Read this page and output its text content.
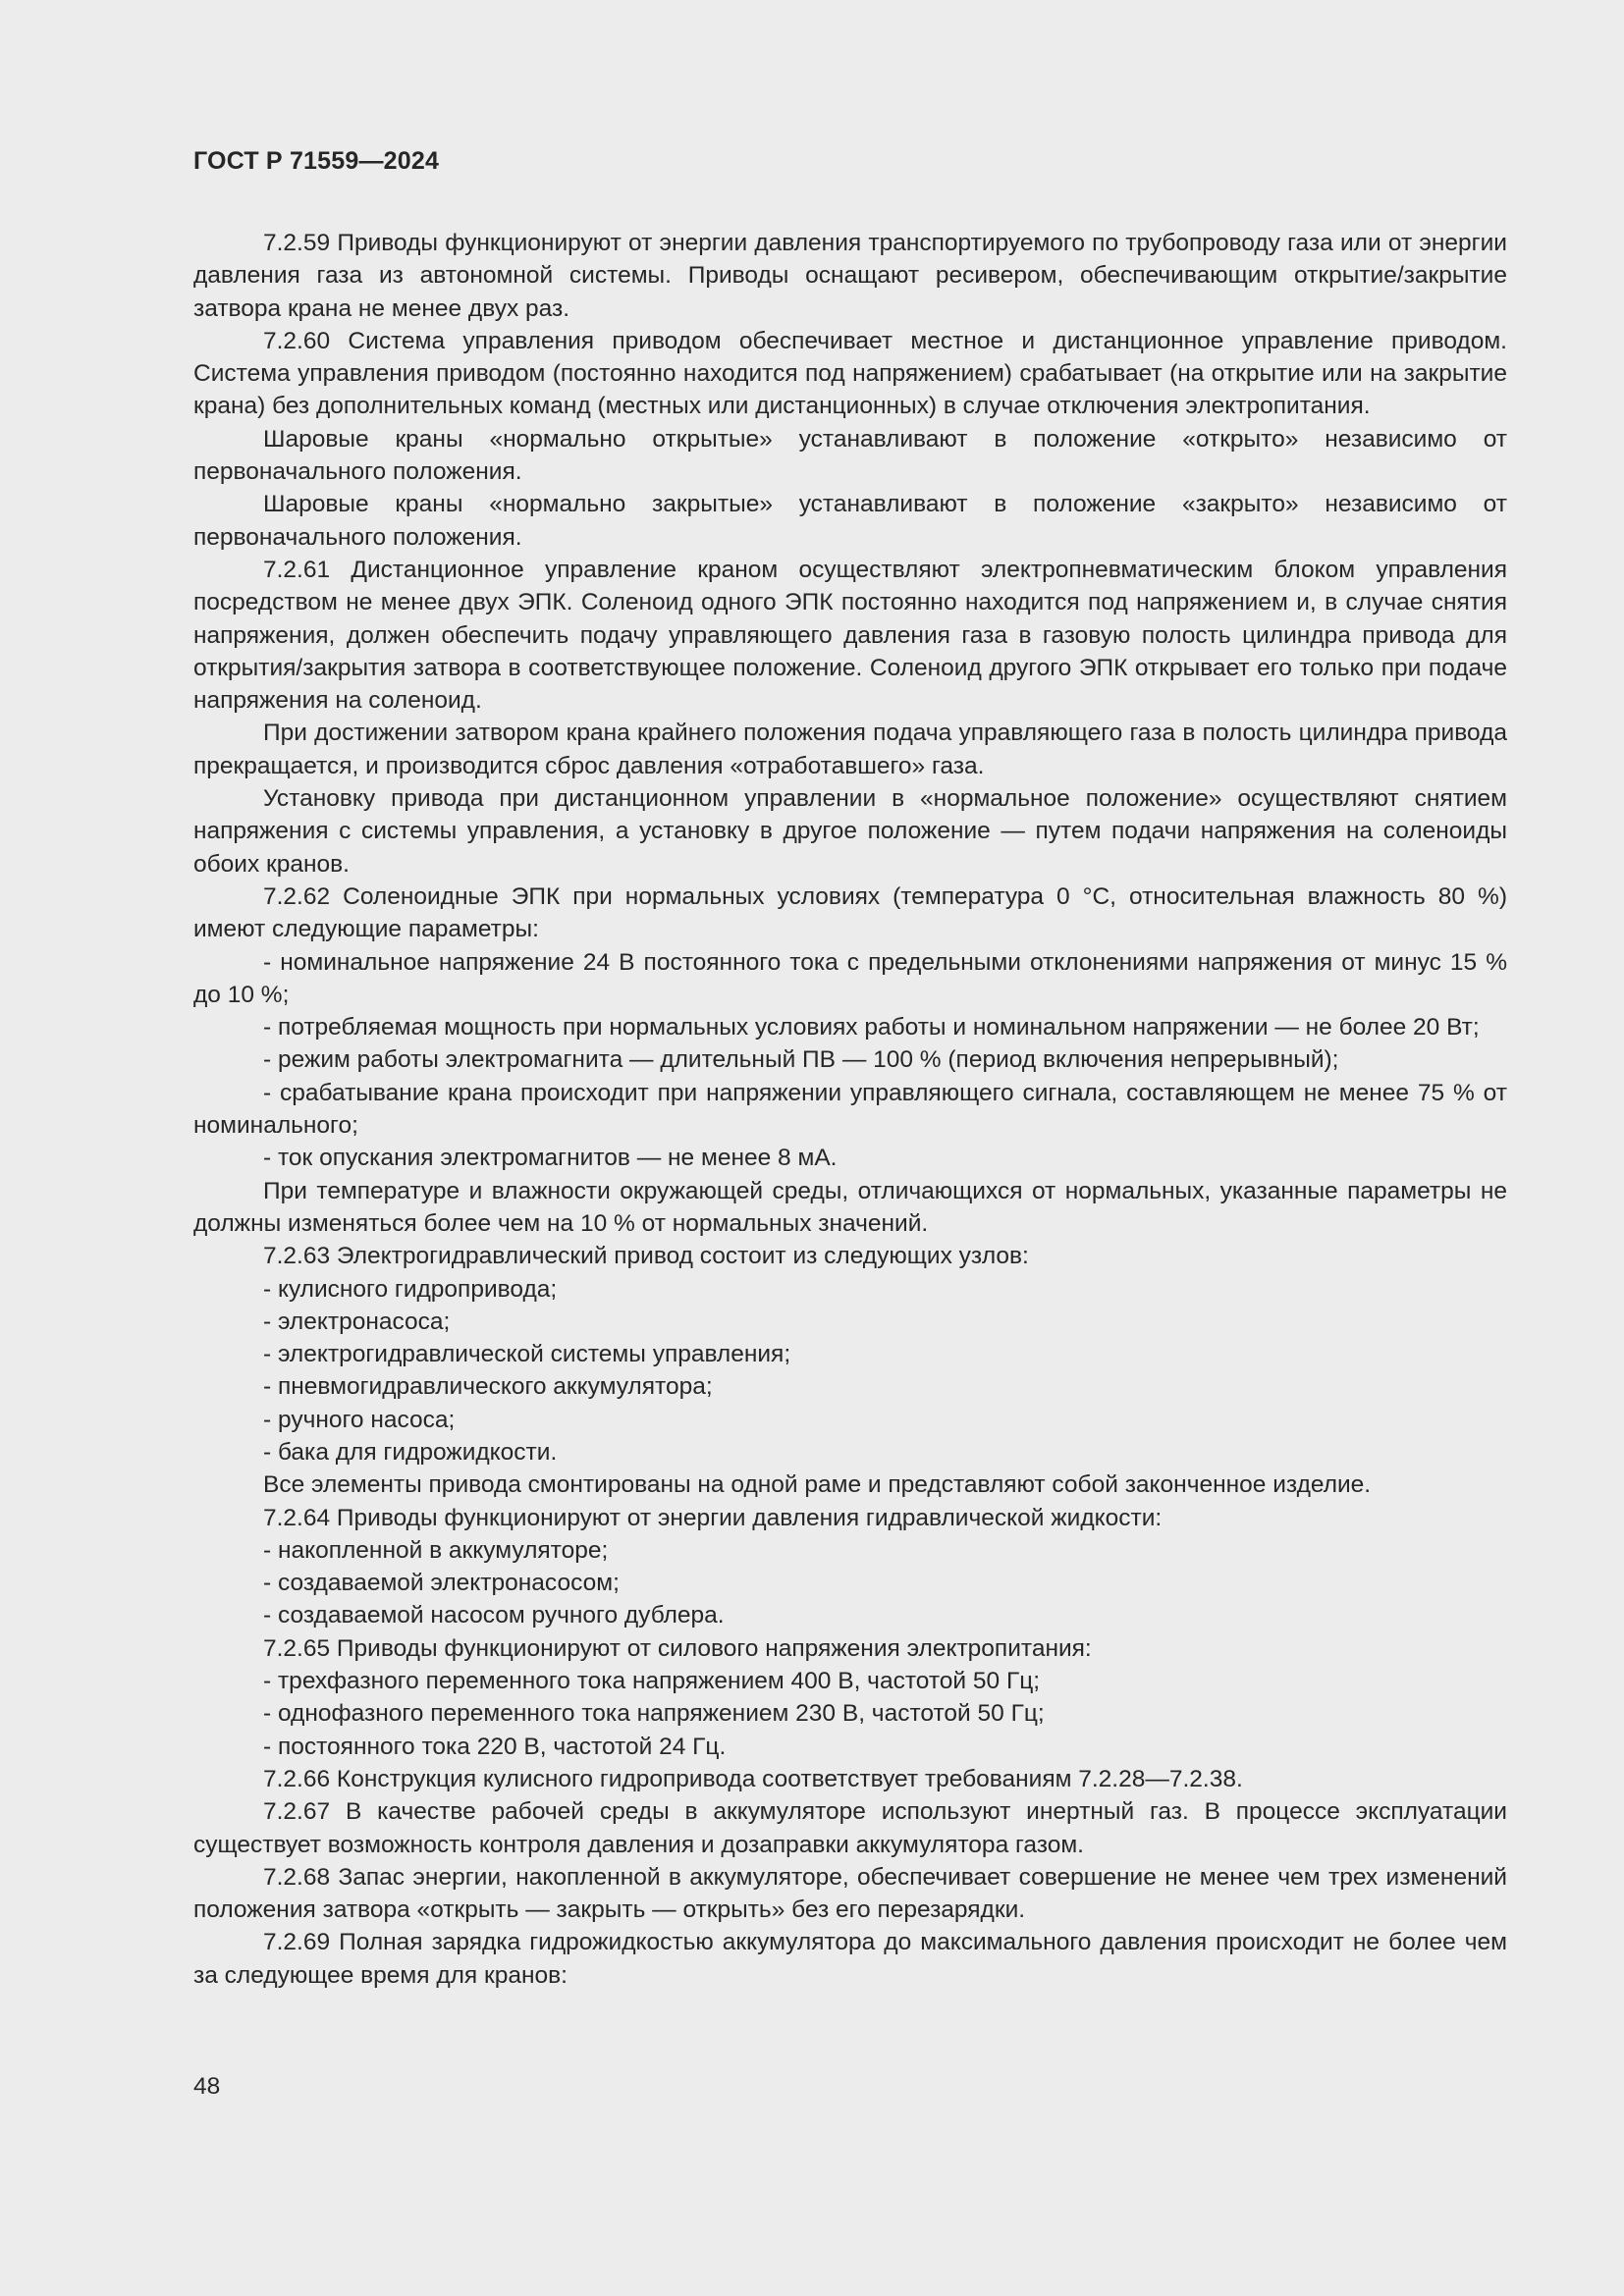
ГОСТ Р 71559—2024

7.2.59 Приводы функционируют от энергии давления транспортируемого по трубопроводу газа или от энергии давления газа из автономной системы. Приводы оснащают ресивером, обеспечивающим открытие/закрытие затвора крана не менее двух раз.

7.2.60 Система управления приводом обеспечивает местное и дистанционное управление приводом. Система управления приводом (постоянно находится под напряжением) срабатывает (на открытие или на закрытие крана) без дополнительных команд (местных или дистанционных) в случае отключения электропитания.

Шаровые краны «нормально открытые» устанавливают в положение «открыто» независимо от первоначального положения.

Шаровые краны «нормально закрытые» устанавливают в положение «закрыто» независимо от первоначального положения.

7.2.61 Дистанционное управление краном осуществляют электропневматическим блоком управления посредством не менее двух ЭПК. Соленоид одного ЭПК постоянно находится под напряжением и, в случае снятия напряжения, должен обеспечить подачу управляющего давления газа в газовую полость цилиндра привода для открытия/закрытия затвора в соответствующее положение. Соленоид другого ЭПК открывает его только при подаче напряжения на соленоид.

При достижении затвором крана крайнего положения подача управляющего газа в полость цилиндра привода прекращается, и производится сброс давления «отработавшего» газа.

Установку привода при дистанционном управлении в «нормальное положение» осуществляют снятием напряжения с системы управления, а установку в другое положение — путем подачи напряжения на соленоиды обоих кранов.

7.2.62 Соленоидные ЭПК при нормальных условиях (температура 0 °С, относительная влажность 80 %) имеют следующие параметры:

- номинальное напряжение 24 В постоянного тока с предельными отклонениями напряжения от минус 15 % до 10 %;

- потребляемая мощность при нормальных условиях работы и номинальном напряжении — не более 20 Вт;

- режим работы электромагнита — длительный ПВ — 100 % (период включения непрерывный);

- срабатывание крана происходит при напряжении управляющего сигнала, составляющем не менее 75 % от номинального;

- ток опускания электромагнитов — не менее 8 мА.

При температуре и влажности окружающей среды, отличающихся от нормальных, указанные параметры не должны изменяться более чем на 10 % от нормальных значений.

7.2.63 Электрогидравлический привод состоит из следующих узлов:

- кулисного гидропривода;

- электронасоса;

- электрогидравлической системы управления;

- пневмогидравлического аккумулятора;

- ручного насоса;

- бака для гидрожидкости.

Все элементы привода смонтированы на одной раме и представляют собой законченное изделие.

7.2.64 Приводы функционируют от энергии давления гидравлической жидкости:

- накопленной в аккумуляторе;

- создаваемой электронасосом;

- создаваемой насосом ручного дублера.

7.2.65 Приводы функционируют от силового напряжения электропитания:

- трехфазного переменного тока напряжением 400 В, частотой 50 Гц;

- однофазного переменного тока напряжением 230 В, частотой 50 Гц;

- постоянного тока 220 В, частотой 24 Гц.

7.2.66 Конструкция кулисного гидропривода соответствует требованиям 7.2.28—7.2.38.

7.2.67 В качестве рабочей среды в аккумуляторе используют инертный газ. В процессе эксплуатации существует возможность контроля давления и дозаправки аккумулятора газом.

7.2.68 Запас энергии, накопленной в аккумуляторе, обеспечивает совершение не менее чем трех изменений положения затвора «открыть — закрыть — открыть» без его перезарядки.

7.2.69 Полная зарядка гидрожидкостью аккумулятора до максимального давления происходит не более чем за следующее время для кранов:

48
